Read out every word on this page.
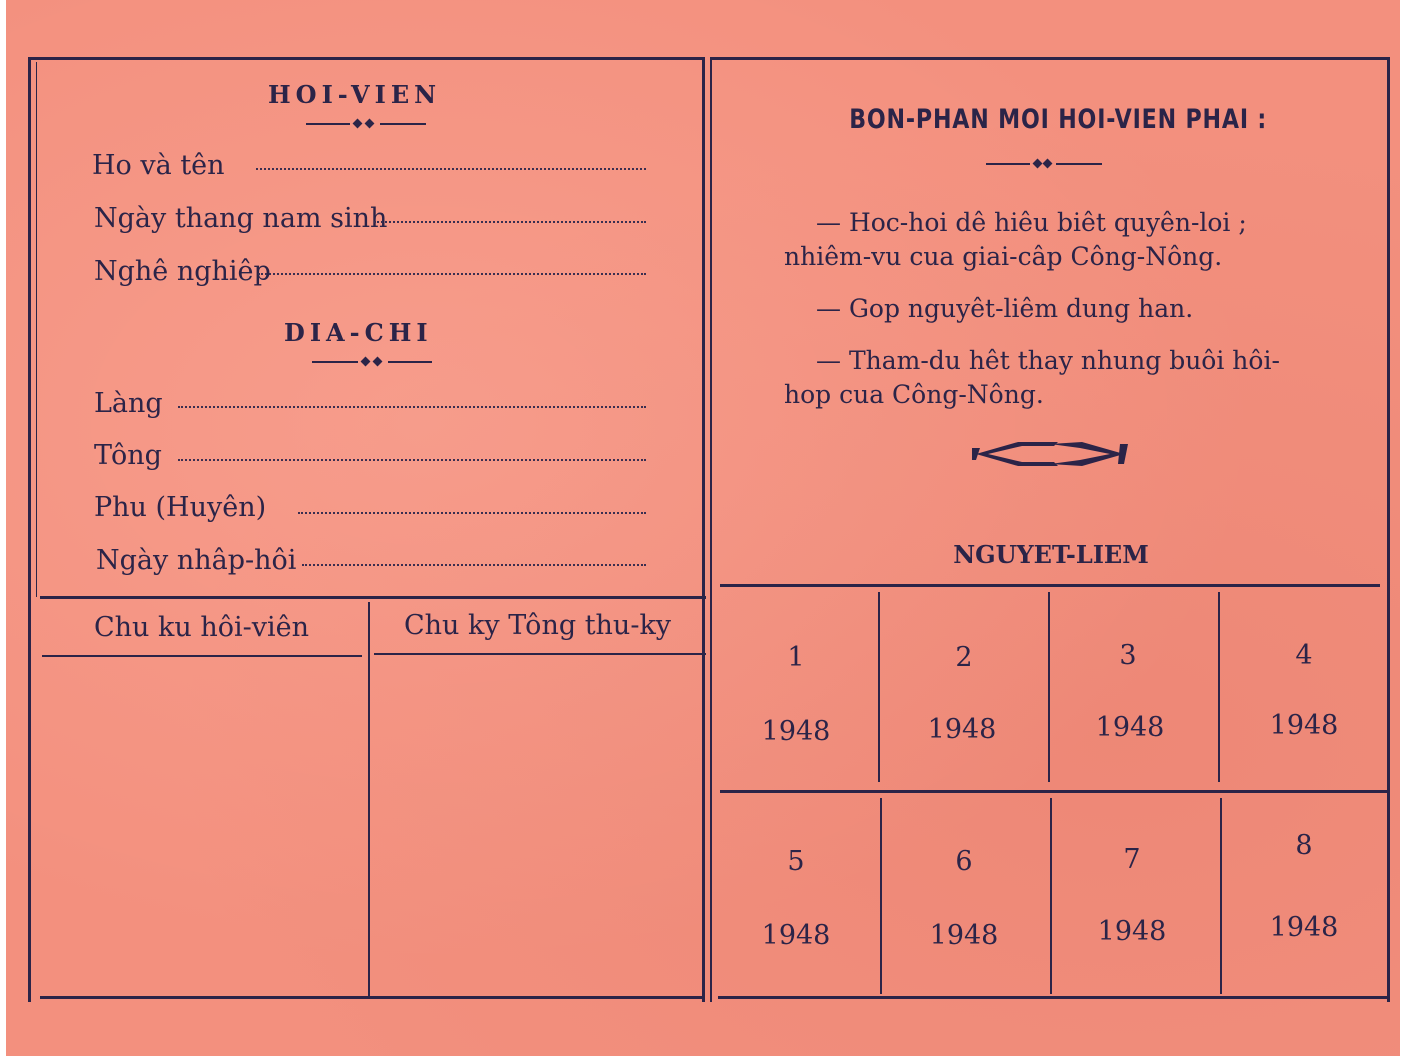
HOI-VIEN
Ho và tên
Ngày thang nam sinh
Nghê nghiêp
DIA-CHI
Làng
Tông
Phu (Huyên)
Ngày nhâp-hôi
Chu ku hôi-viên	Chu ky Tông thu-ky
BON-PHAN MOI HOI-VIEN PHAI :
— Hoc-hoi dê hiêu biêt quyên-loi ;
nhiêm-vu cua giai-câp Công-Nông.
— Gop nguyêt-liêm dung han.
— Tham-du hêt thay nhung buôi hôi-
hop cua Công-Nông.
NGUYET-LIEM
1
1948
2
1948
3
1948
4
1948
5
1948
6
1948
7
1948
8
1948
